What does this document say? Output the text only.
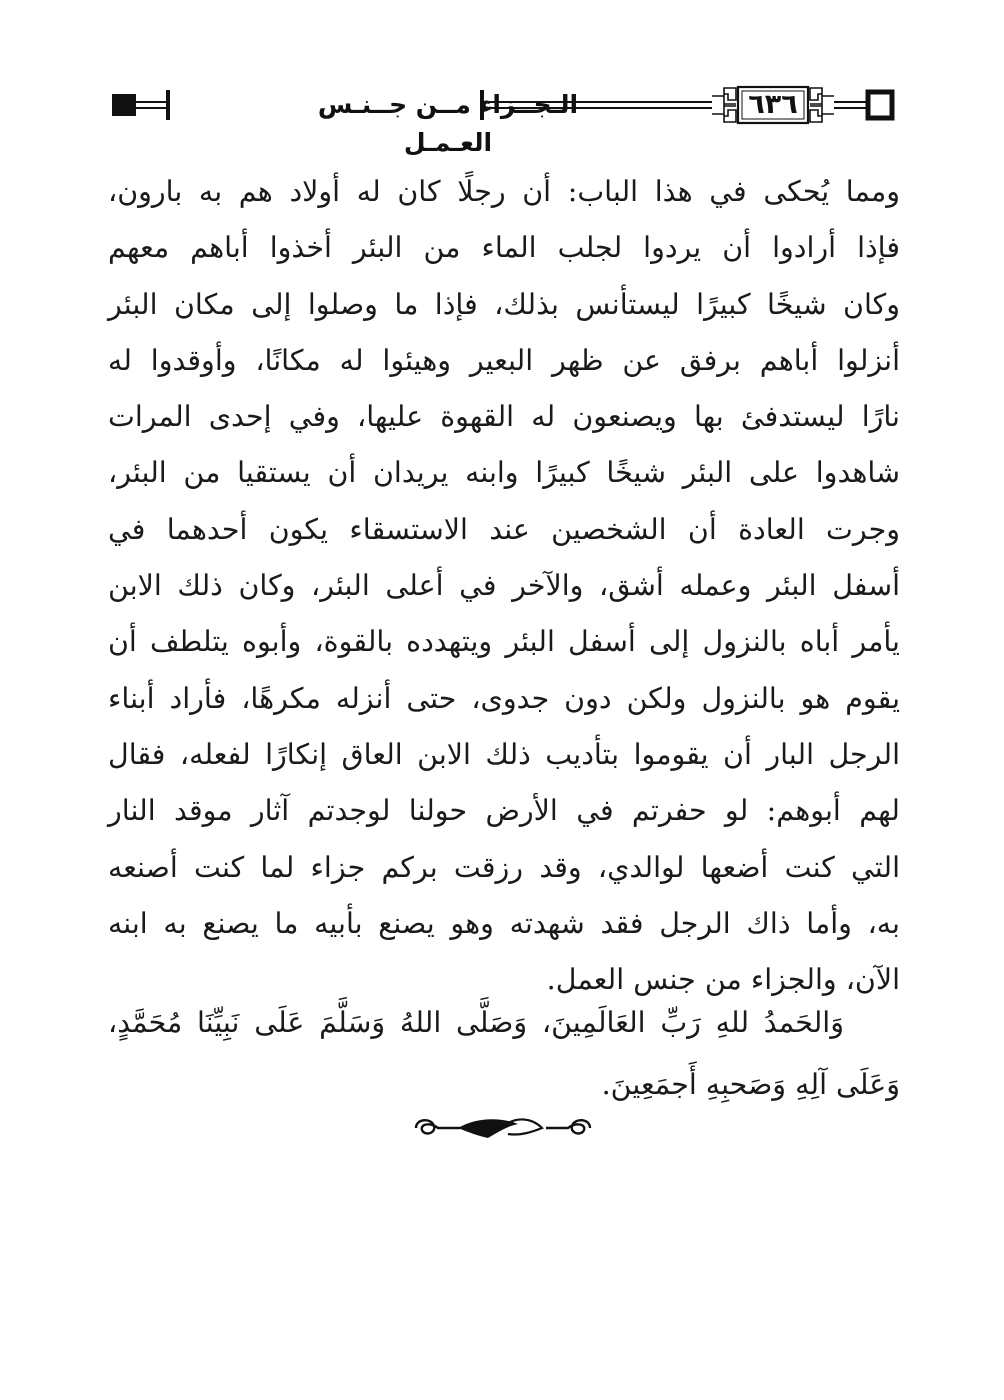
الـجــزاء مــن جــنـس العـمـل
٦٣٦
ومما يُحكى في هذا الباب: أن رجلًا كان له أولاد هم به بارون،
فإذا أرادوا أن يردوا لجلب الماء من البئر أخذوا أباهم معهم
وكان شيخًا كبيرًا ليستأنس بذلك، فإذا ما وصلوا إلى مكان البئر
أنزلوا أباهم برفق عن ظهر البعير وهيئوا له مكانًا، وأوقدوا له
نارًا ليستدفئ بها ويصنعون له القهوة عليها، وفي إحدى المرات
شاهدوا على البئر شيخًا كبيرًا وابنه يريدان أن يستقيا من البئر،
وجرت العادة أن الشخصين عند الاستسقاء يكون أحدهما في
أسفل البئر وعمله أشق، والآخر في أعلى البئر، وكان ذلك الابن
يأمر أباه بالنزول إلى أسفل البئر ويتهدده بالقوة، وأبوه يتلطف أن
يقوم هو بالنزول ولكن دون جدوى، حتى أنزله مكرهًا، فأراد أبناء
الرجل البار أن يقوموا بتأديب ذلك الابن العاق إنكارًا لفعله، فقال
لهم أبوهم: لو حفرتم في الأرض حولنا لوجدتم آثار موقد النار
التي كنت أضعها لوالدي، وقد رزقت بركم جزاء لما كنت أصنعه
به، وأما ذاك الرجل فقد شهدته وهو يصنع بأبيه ما يصنع به ابنه
الآن، والجزاء من جنس العمل.
وَالحَمدُ للهِ رَبِّ العَالَمِينَ، وَصَلَّى اللهُ وَسَلَّمَ عَلَى نَبِيِّنَا مُحَمَّدٍ،
وَعَلَى آلِهِ وَصَحبِهِ أَجمَعِينَ.
